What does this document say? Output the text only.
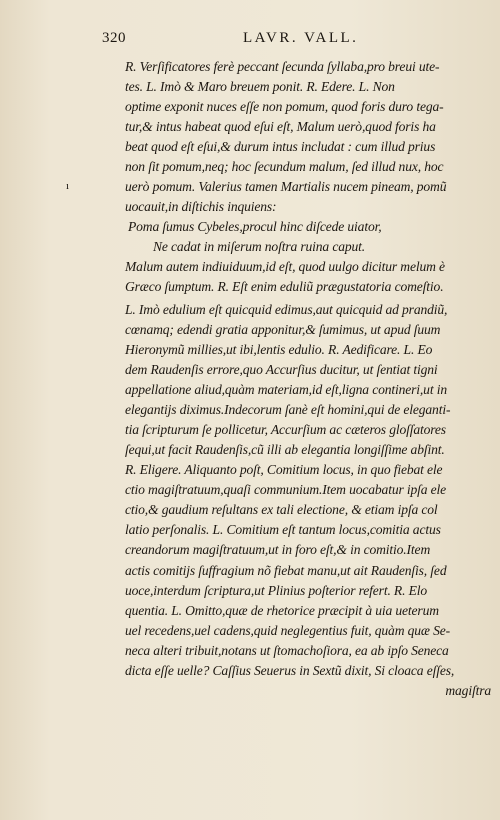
320	LAVR. VALL.
ı
R. Verſificatores ferè peccant ſecunda ſyllaba,pro breui ute-
tes. L. Imò & Maro breuem ponit. R. Edere. L. Non
optime exponit nuces eſſe non pomum, quod foris duro tega-
tur,& intus habeat quod eſui eſt, Malum uerò,quod foris ha
beat quod eſt eſui,& durum intus includat : cum illud prius
non ſit pomum,neq; hoc ſecundum malum, ſed illud nux, hoc
uerò pomum. Valerius tamen Martialis nucem pineam, pomũ
uocauit,in diſtichis inquiens:
Poma ſumus Cybeles,procul hinc diſcede uiator,
Ne cadat in miſerum noſtra ruina caput.
Malum autem indiuiduum,id eſt, quod uulgo dicitur melum è
Græco ſumptum. R. Eſt enim eduliũ prægustatoria comeſtio.
L. Imò edulium eſt quicquid edimus,aut quicquid ad prandiũ,
cœnamq; edendi gratia apponitur,& ſumimus, ut apud ſuum
Hieronymũ millies,ut ibi,lentis edulio. R. Aedificare. L. Eo
dem Raudenſis errore,quo Accurſius ducitur, ut ſentiat tigni
appellatione aliud,quàm materiam,id eſt,ligna contineri,ut in
elegantijs diximus.Indecorum ſanè eſt homini,qui de eleganti-
tia ſcripturum ſe pollicetur, Accurſium ac cæteros gloſſatores
ſequi,ut facit Raudenſis,cũ illi ab elegantia longiſſime abſint.
R. Eligere. Aliquanto poſt, Comitium locus, in quo fiebat ele
ctio magiſtratuum,quaſi communium.Item uocabatur ipſa ele
ctio,& gaudium reſultans ex tali electione, & etiam ipſa col
latio perſonalis. L. Comitium eſt tantum locus,comitia actus
creandorum magiſtratuum,ut in foro eſt,& in comitio.Item
actis comitijs ſuffragium nõ fiebat manu,ut ait Raudenſis, ſed
uoce,interdum ſcriptura,ut Plinius poſterior refert. R. Elo
quentia. L. Omitto,quæ de rhetorice præcipit à uia ueterum
uel recedens,uel cadens,quid neglegentius fuit, quàm quæ Se-
neca alteri tribuit,notans ut ſtomachoſiora, ea ab ipſo Seneca
dicta eſſe uelle? Caſſius Seuerus in Sextũ dixit, Si cloaca eſſes,
magiſtra
